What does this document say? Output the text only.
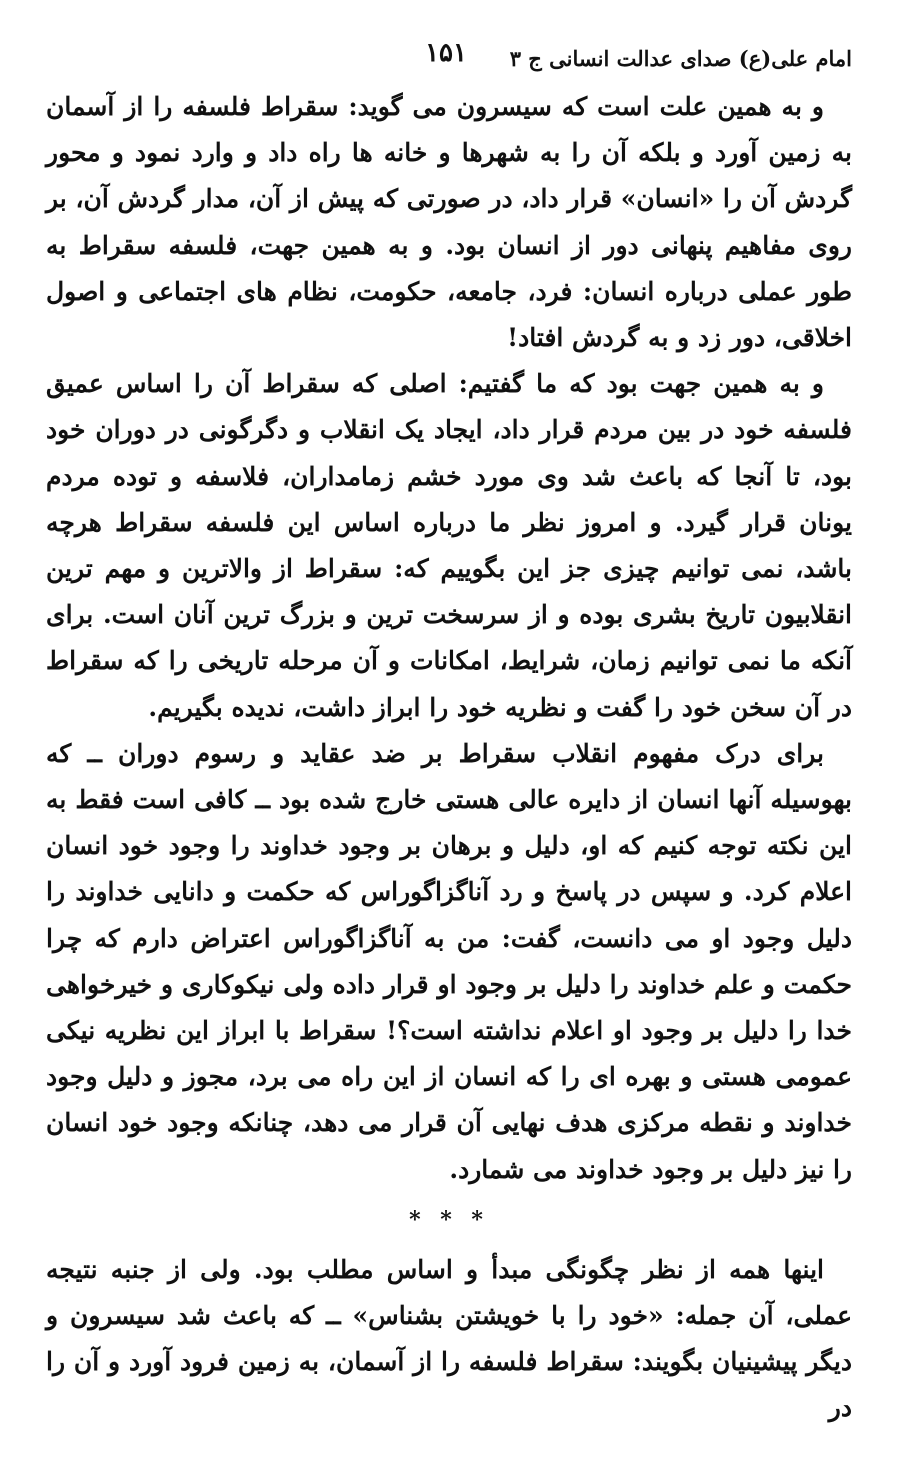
امام علی(ع) صدای عدالت انسانی ج ۳
۱۵۱

و به همین علت است که سیسرون می گوید: سقراط فلسفه را از آسمان به زمین آورد و بلکه آن را به شهرها و خانه ها راه داد و وارد نمود و محور گردش آن را «انسان» قرار داد، در صورتی که پیش از آن، مدار گردش آن، بر روی مفاهیم پنهانی دور از انسان بود. و به همین جهت، فلسفه سقراط به طور عملی درباره انسان: فرد، جامعه، حکومت، نظام های اجتماعی و اصول اخلاقی، دور زد و به گردش افتاد!

و به همین جهت بود که ما گفتیم: اصلی که سقراط آن را اساس عمیق فلسفه خود در بین مردم قرار داد، ایجاد یک انقلاب و دگرگونی در دوران خود بود، تا آنجا که باعث شد وی مورد خشم زمامداران، فلاسفه و توده مردم یونان قرار گیرد. و امروز نظر ما درباره اساس این فلسفه سقراط هرچه باشد، نمی توانیم چیزی جز این بگوییم که: سقراط از والاترین و مهم ترین انقلابیون تاریخ بشری بوده و از سرسخت ترین و بزرگ ترین آنان است. برای آنکه ما نمی توانیم زمان، شرایط، امکانات و آن مرحله تاریخی را که سقراط در آن سخن خود را گفت و نظریه خود را ابراز داشت، ندیده بگیریم.

برای درک مفهوم انقلاب سقراط بر ضد عقاید و رسوم دوران ــ که بهوسیله آنها انسان از دایره عالی هستی خارج شده بود ــ کافی است فقط به این نکته توجه کنیم که او، دلیل و برهان بر وجود خداوند را وجود خود انسان اعلام کرد. و سپس در پاسخ و رد آناگزاگوراس که حکمت و دانایی خداوند را دلیل وجود او می دانست، گفت: من به آناگزاگوراس اعتراض دارم که چرا حکمت و علم خداوند را دلیل بر وجود او قرار داده ولی نیکوکاری و خیرخواهی خدا را دلیل بر وجود او اعلام نداشته است؟! سقراط با ابراز این نظریه نیکی عمومی هستی و بهره ای را که انسان از این راه می برد، مجوز و دلیل وجود خداوند و نقطه مرکزی هدف نهایی آن قرار می دهد، چنانکه وجود خود انسان را نیز دلیل بر وجود خداوند می شمارد.

* * *

اینها همه از نظر چگونگی مبدأ و اساس مطلب بود. ولی از جنبه نتیجه عملی، آن جمله: «خود را با خویشتن بشناس» ــ که باعث شد سیسرون و دیگر پیشینیان بگویند: سقراط فلسفه را از آسمان، به زمین فرود آورد و آن را در
